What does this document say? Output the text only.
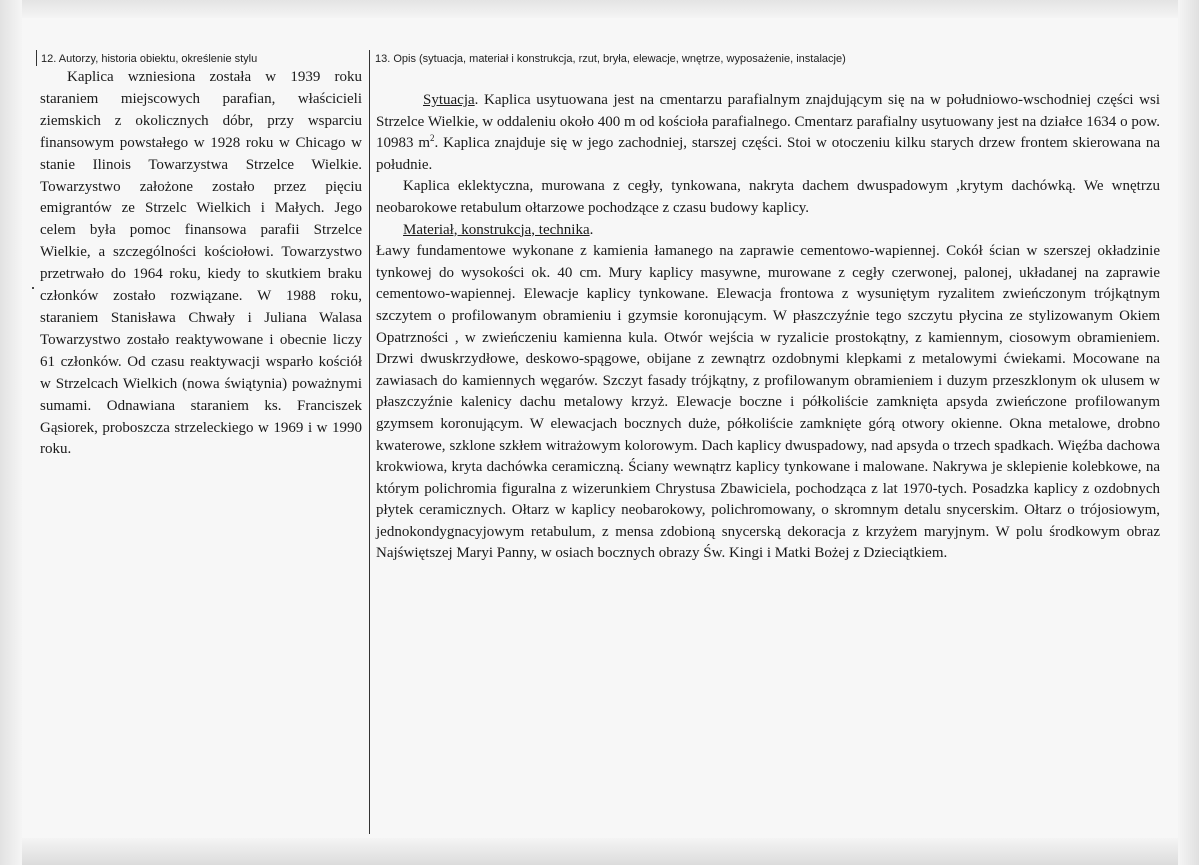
12. Autorzy, historia obiektu, określenie stylu	13. Opis (sytuacja, materiał i konstrukcja, rzut, bryła, elewacje, wnętrze, wyposażenie, instalacje)

Kaplica wzniesiona została w 1939 roku staraniem miejscowych parafian, właścicieli ziemskich z okolicznych dóbr, przy wsparciu finansowym powstałego w 1928 roku w Chicago w stanie Ilinois Towarzystwa Strzelce Wielkie. Towarzystwo założone zostało przez pięciu emigrantów ze Strzelc Wielkich i Małych. Jego celem była pomoc finansowa parafii Strzelce Wielkie, a szczególności kościołowi. Towarzystwo przetrwało do 1964 roku, kiedy to skutkiem braku członków zostało rozwiązane. W 1988 roku, staraniem Stanisława Chwały i Juliana Walasa Towarzystwo zostało reaktywowane i obecnie liczy 61 członków. Od czasu reaktywacji wsparło kościół w Strzelcach Wielkich (nowa świątynia) poważnymi sumami. Odnawiana staraniem ks. Franciszek Gąsiorek, proboszcza strzeleckiego w 1969 i w 1990 roku.

Sytuacja. Kaplica usytuowana jest na cmentarzu parafialnym znajdującym się na w południowo-wschodniej części wsi Strzelce Wielkie, w oddaleniu około 400 m od kościoła parafialnego. Cmentarz parafialny usytuowany jest na działce 1634 o pow. 10983 $m^2$. Kaplica znajduje się w jego zachodniej, starszej części. Stoi w otoczeniu kilku starych drzew frontem skierowana na południe.

Kaplica eklektyczna, murowana z cegły, tynkowana, nakryta dachem dwuspadowym ,krytym dachówką. We wnętrzu neobarokowe retabulum ołtarzowe pochodzące z czasu budowy kaplicy.

Materiał, konstrukcja, technika.

Ławy fundamentowe wykonane z kamienia łamanego na zaprawie cementowo-wapiennej. Cokół ścian w szerszej okładzinie tynkowej do wysokości ok. 40 cm. Mury kaplicy masywne, murowane z cegły czerwonej, palonej, układanej na zaprawie cementowo-wapiennej. Elewacje kaplicy tynkowane. Elewacja frontowa z wysuniętym ryzalitem zwieńczonym trójkątnym szczytem o profilowanym obramieniu i gzymsie koronującym. W płaszczyźnie tego szczytu płycina ze stylizowanym Okiem Opatrzności , w zwieńczeniu kamienna kula. Otwór wejścia w ryzalicie prostokątny, z kamiennym, ciosowym obramieniem. Drzwi dwuskrzydłowe, deskowo-spągowe, obijane z zewnątrz ozdobnymi klepkami z metalowymi ćwiekami. Mocowane na zawiasach do kamiennych węgarów. Szczyt fasady trójkątny, z profilowanym obramieniem i duzym przeszklonym ok ulusem w płaszczyźnie kalenicy dachu metalowy krzyż. Elewacje boczne i półkoliście zamknięta apsyda zwieńczone profilowanym gzymsem koronującym. W elewacjach bocznych duże, półkoliście zamknięte górą otwory okienne. Okna metalowe, drobno kwaterowe, szklone szkłem witrażowym kolorowym. Dach kaplicy dwuspadowy, nad apsyda o trzech spadkach. Więźba dachowa krokwiowa, kryta dachówka ceramiczną. Ściany wewnątrz kaplicy tynkowane i malowane. Nakrywa je sklepienie kolebkowe, na którym polichromia figuralna z wizerunkiem Chrystusa Zbawiciela, pochodząca z lat 1970-tych. Posadzka kaplicy z ozdobnych płytek ceramicznych. Ołtarz w kaplicy neobarokowy, polichromowany, o skromnym detalu snycerskim. Ołtarz o trójosiowym, jednokondygnacyjowym retabulum, z mensa zdobioną snycerską dekoracja z krzyżem maryjnym. W polu środkowym obraz Najświętszej Maryi Panny, w osiach bocznych obrazy Św. Kingi i Matki Bożej z Dzieciątkiem.
